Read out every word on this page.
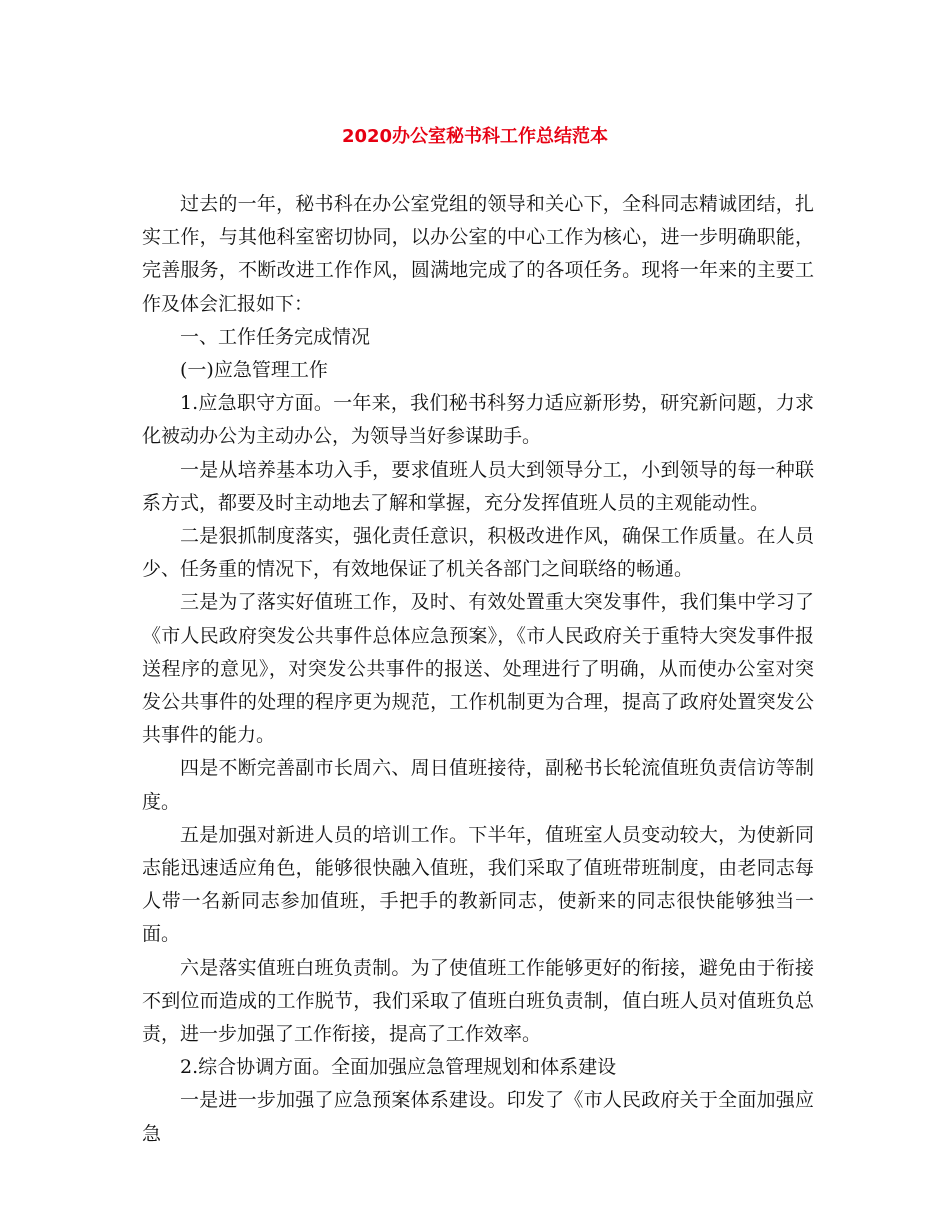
2020办公室秘书科工作总结范本

过去的一年，秘书科在办公室党组的领导和关心下，全科同志精诚团结，扎实工作，与其他科室密切协同，以办公室的中心工作为核心，进一步明确职能，完善服务，不断改进工作作风，圆满地完成了的各项任务。现将一年来的主要工作及体会汇报如下：

一、工作任务完成情况

(一)应急管理工作

1.应急职守方面。一年来，我们秘书科努力适应新形势，研究新问题，力求化被动办公为主动办公，为领导当好参谋助手。

一是从培养基本功入手，要求值班人员大到领导分工，小到领导的每一种联系方式，都要及时主动地去了解和掌握，充分发挥值班人员的主观能动性。

二是狠抓制度落实，强化责任意识，积极改进作风，确保工作质量。在人员少、任务重的情况下，有效地保证了机关各部门之间联络的畅通。

三是为了落实好值班工作，及时、有效处置重大突发事件，我们集中学习了《市人民政府突发公共事件总体应急预案》，《市人民政府关于重特大突发事件报送程序的意见》，对突发公共事件的报送、处理进行了明确，从而使办公室对突发公共事件的处理的程序更为规范，工作机制更为合理，提高了政府处置突发公共事件的能力。

四是不断完善副市长周六、周日值班接待，副秘书长轮流值班负责信访等制度。

五是加强对新进人员的培训工作。下半年，值班室人员变动较大，为使新同志能迅速适应角色，能够很快融入值班，我们采取了值班带班制度，由老同志每人带一名新同志参加值班，手把手的教新同志，使新来的同志很快能够独当一面。

六是落实值班白班负责制。为了使值班工作能够更好的衔接，避免由于衔接不到位而造成的工作脱节，我们采取了值班白班负责制，值白班人员对值班负总责，进一步加强了工作衔接，提高了工作效率。

2.综合协调方面。全面加强应急管理规划和体系建设

一是进一步加强了应急预案体系建设。印发了《市人民政府关于全面加强应急
